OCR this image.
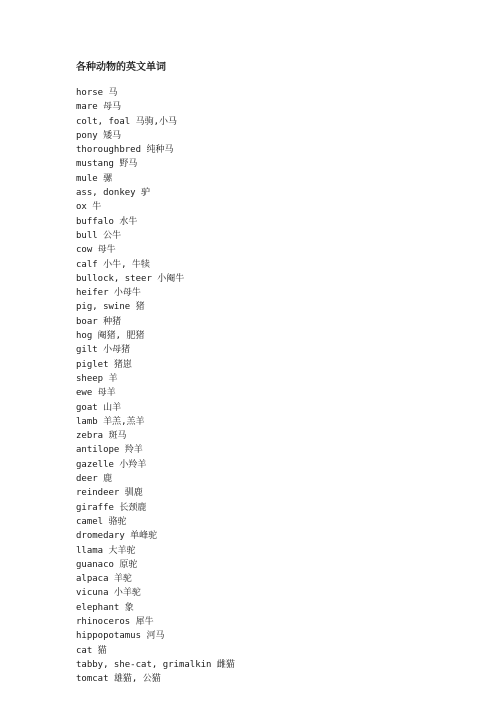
各种动物的英文单词
horse 马
mare 母马
colt, foal 马驹,小马
pony 矮马
thoroughbred 纯种马
mustang 野马
mule 骡
ass, donkey 驴
ox 牛
buffalo 水牛
bull 公牛
cow 母牛
calf 小牛, 牛犊
bullock, steer 小阉牛
heifer 小母牛
pig, swine 猪
boar 种猪
hog 阉猪, 肥猪
gilt 小母猪
piglet 猪崽
sheep 羊
ewe 母羊
goat 山羊
lamb 羊羔,羔羊
zebra 斑马
antilope 羚羊
gazelle 小羚羊
deer 鹿
reindeer 驯鹿
giraffe 长颈鹿
camel 骆驼
dromedary 单峰驼
llama 大羊驼
guanaco 原驼
alpaca 羊驼
vicuna 小羊驼
elephant 象
rhinoceros 犀牛
hippopotamus 河马
cat 猫
tabby, she-cat, grimalkin 雌猫
tomcat 雄猫, 公猫
